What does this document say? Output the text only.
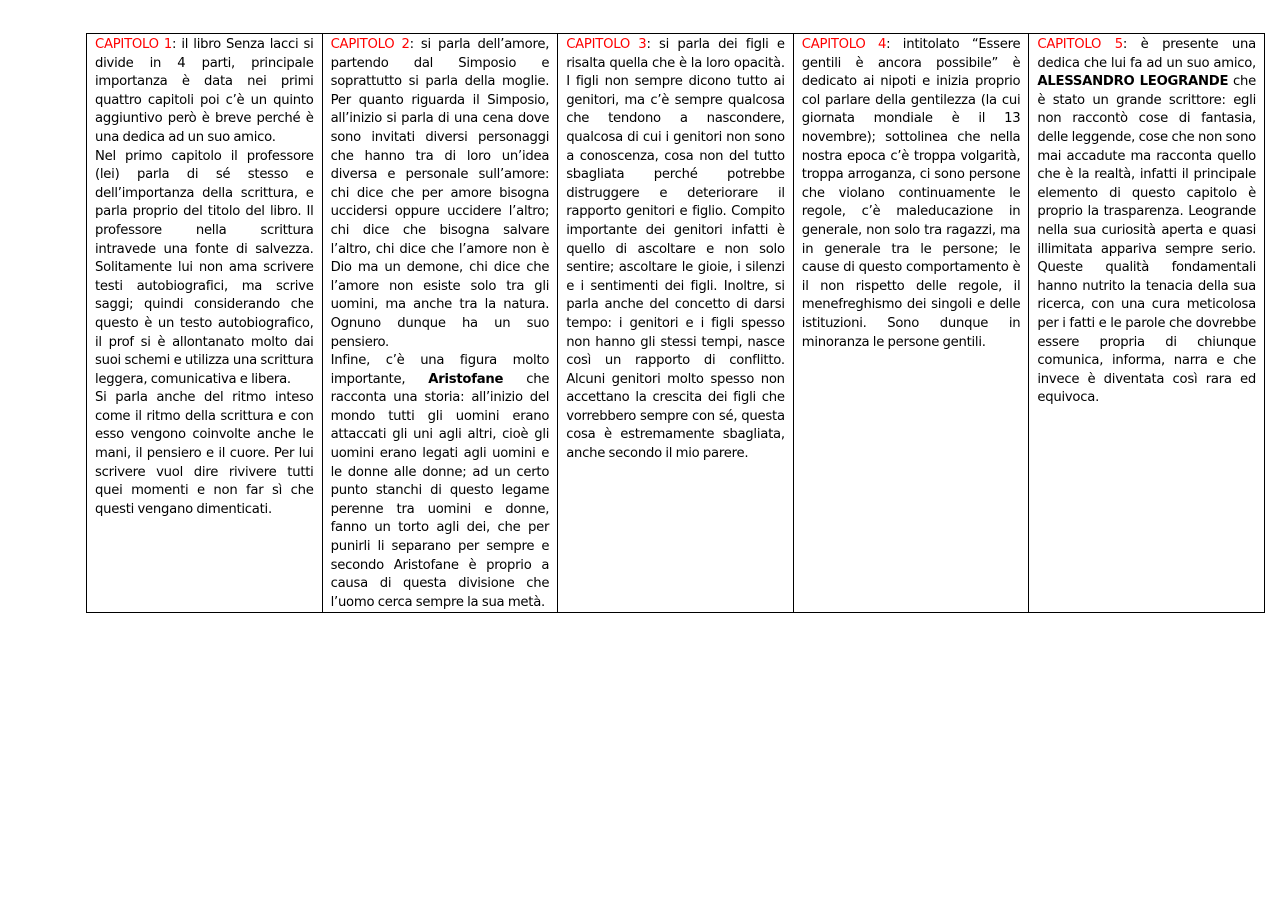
CAPITOLO 1: il libro Senza lacci si divide in 4 parti, principale importanza è data nei primi quattro capitoli poi c’è un quinto aggiuntivo però è breve perché è una dedica ad un suo amico.
Nel primo capitolo il professore (lei) parla di sé stesso e dell’importanza della scrittura, e parla proprio del titolo del libro. Il professore nella scrittura intravede una fonte di salvezza. Solitamente lui non ama scrivere testi autobiografici, ma scrive saggi; quindi considerando che questo è un testo autobiografico, il prof si è allontanato molto dai suoi schemi e utilizza una scrittura leggera, comunicativa e libera.
Si parla anche del ritmo inteso come il ritmo della scrittura e con esso vengono coinvolte anche le mani, il pensiero e il cuore. Per lui scrivere vuol dire rivivere tutti quei momenti e non far sì che questi vengano dimenticati.

CAPITOLO 2: si parla dell’amore, partendo dal Simposio e soprattutto si parla della moglie. Per quanto riguarda il Simposio, all’inizio si parla di una cena dove sono invitati diversi personaggi che hanno tra di loro un’idea diversa e personale sull’amore: chi dice che per amore bisogna uccidersi oppure uccidere l’altro; chi dice che bisogna salvare l’altro, chi dice che l’amore non è Dio ma un demone, chi dice che l’amore non esiste solo tra gli uomini, ma anche tra la natura. Ognuno dunque ha un suo pensiero.
Infine, c’è una figura molto importante, Aristofane che racconta una storia: all’inizio del mondo tutti gli uomini erano attaccati gli uni agli altri, cioè gli uomini erano legati agli uomini e le donne alle donne; ad un certo punto stanchi di questo legame perenne tra uomini e donne, fanno un torto agli dei, che per punirli li separano per sempre e secondo Aristofane è proprio a causa di questa divisione che l’uomo cerca sempre la sua metà.

CAPITOLO 3: si parla dei figli e risalta quella che è la loro opacità. I figli non sempre dicono tutto ai genitori, ma c’è sempre qualcosa che tendono a nascondere, qualcosa di cui i genitori non sono a conoscenza, cosa non del tutto sbagliata perché potrebbe distruggere e deteriorare il rapporto genitori e figlio. Compito importante dei genitori infatti è quello di ascoltare e non solo sentire; ascoltare le gioie, i silenzi e i sentimenti dei figli. Inoltre, si parla anche del concetto di darsi tempo: i genitori e i figli spesso non hanno gli stessi tempi, nasce così un rapporto di conflitto. Alcuni genitori molto spesso non accettano la crescita dei figli che vorrebbero sempre con sé, questa cosa è estremamente sbagliata, anche secondo il mio parere.

CAPITOLO 4: intitolato “Essere gentili è ancora possibile” è dedicato ai nipoti e inizia proprio col parlare della gentilezza (la cui giornata mondiale è il 13 novembre); sottolinea che nella nostra epoca c’è troppa volgarità, troppa arroganza, ci sono persone che violano continuamente le regole, c’è maleducazione in generale, non solo tra ragazzi, ma in generale tra le persone; le cause di questo comportamento è il non rispetto delle regole, il menefreghismo dei singoli e delle istituzioni. Sono dunque in minoranza le persone gentili.

CAPITOLO 5: è presente una dedica che lui fa ad un suo amico, ALESSANDRO LEOGRANDE che è stato un grande scrittore: egli non raccontò cose di fantasia, delle leggende, cose che non sono mai accadute ma racconta quello che è la realtà, infatti il principale elemento di questo capitolo è proprio la trasparenza. Leogrande nella sua curiosità aperta e quasi illimitata appariva sempre serio. Queste qualità fondamentali hanno nutrito la tenacia della sua ricerca, con una cura meticolosa per i fatti e le parole che dovrebbe essere propria di chiunque comunica, informa, narra e che invece è diventata così rara ed equivoca.
